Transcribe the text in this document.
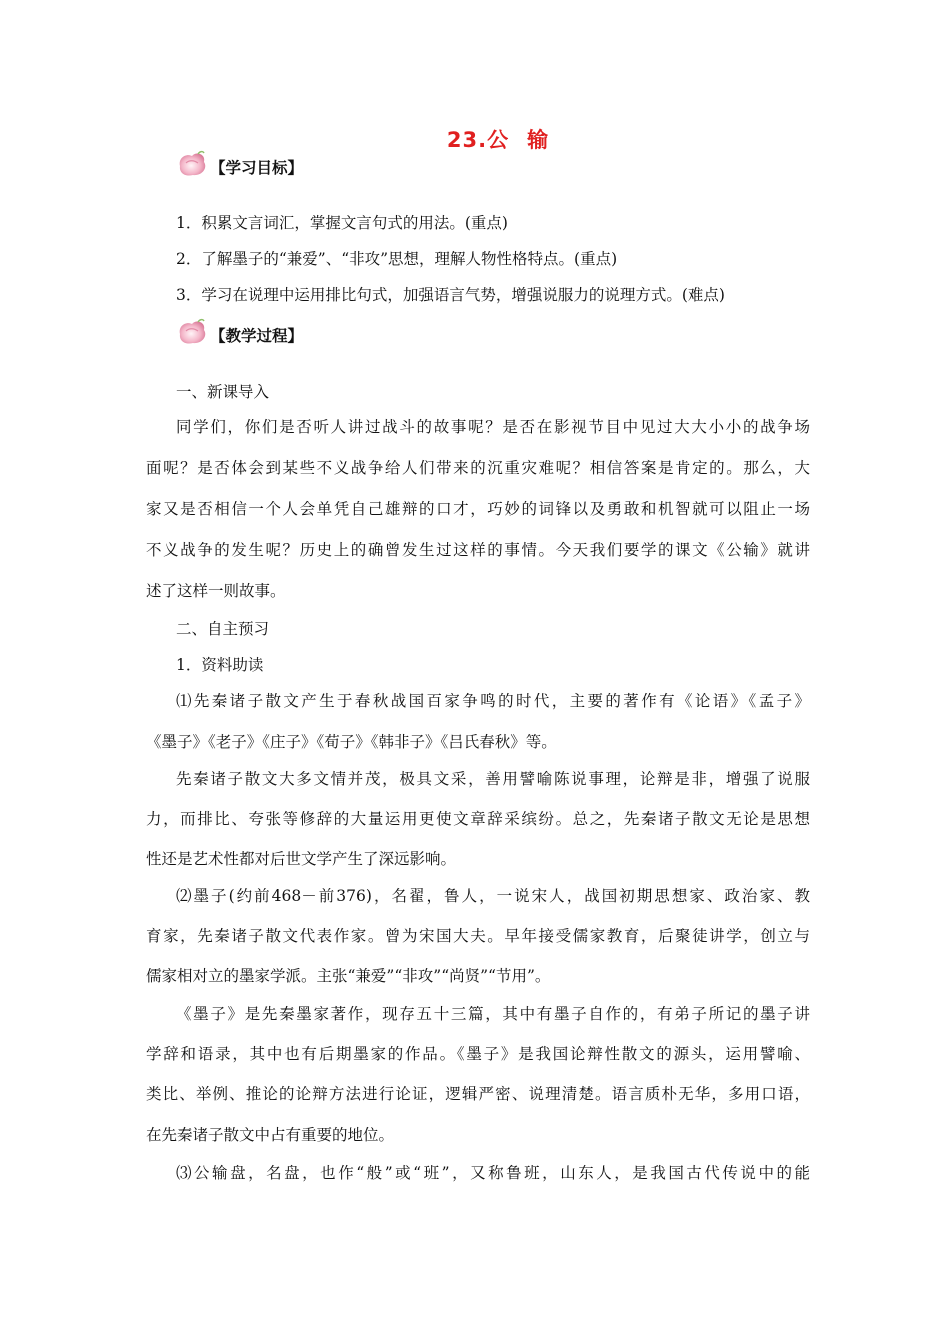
23.公 输
【学习目标】
1．积累文言词汇，掌握文言句式的用法。(重点)
2．了解墨子的“兼爱”、“非攻”思想，理解人物性格特点。(重点)
3．学习在说理中运用排比句式，加强语言气势，增强说服力的说理方式。(难点)
【教学过程】
一、新课导入
同学们，你们是否听人讲过战斗的故事呢？是否在影视节目中见过大大小小的战争场
面呢？是否体会到某些不义战争给人们带来的沉重灾难呢？相信答案是肯定的。那么，大
家又是否相信一个人会单凭自己雄辩的口才，巧妙的词锋以及勇敢和机智就可以阻止一场
不义战争的发生呢？历史上的确曾发生过这样的事情。今天我们要学的课文《公输》就讲
述了这样一则故事。
二、自主预习
1．资料助读
⑴先秦诸子散文产生于春秋战国百家争鸣的时代，主要的著作有《论语》《孟子》
《墨子》《老子》《庄子》《荀子》《韩非子》《吕氏春秋》等。
先秦诸子散文大多文情并茂，极具文采，善用譬喻陈说事理，论辩是非，增强了说服
力，而排比、夸张等修辞的大量运用更使文章辞采缤纷。总之，先秦诸子散文无论是思想
性还是艺术性都对后世文学产生了深远影响。
⑵墨子(约前468－前376)，名翟，鲁人，一说宋人，战国初期思想家、政治家、教
育家，先秦诸子散文代表作家。曾为宋国大夫。早年接受儒家教育，后聚徒讲学，创立与
儒家相对立的墨家学派。主张“兼爱”“非攻”“尚贤”“节用”。
《墨子》是先秦墨家著作，现存五十三篇，其中有墨子自作的，有弟子所记的墨子讲
学辞和语录，其中也有后期墨家的作品。《墨子》是我国论辩性散文的源头，运用譬喻、
类比、举例、推论的论辩方法进行论证，逻辑严密、说理清楚。语言质朴无华，多用口语，
在先秦诸子散文中占有重要的地位。
⑶公输盘，名盘，也作“般”或“班”，又称鲁班，山东人，是我国古代传说中的能
